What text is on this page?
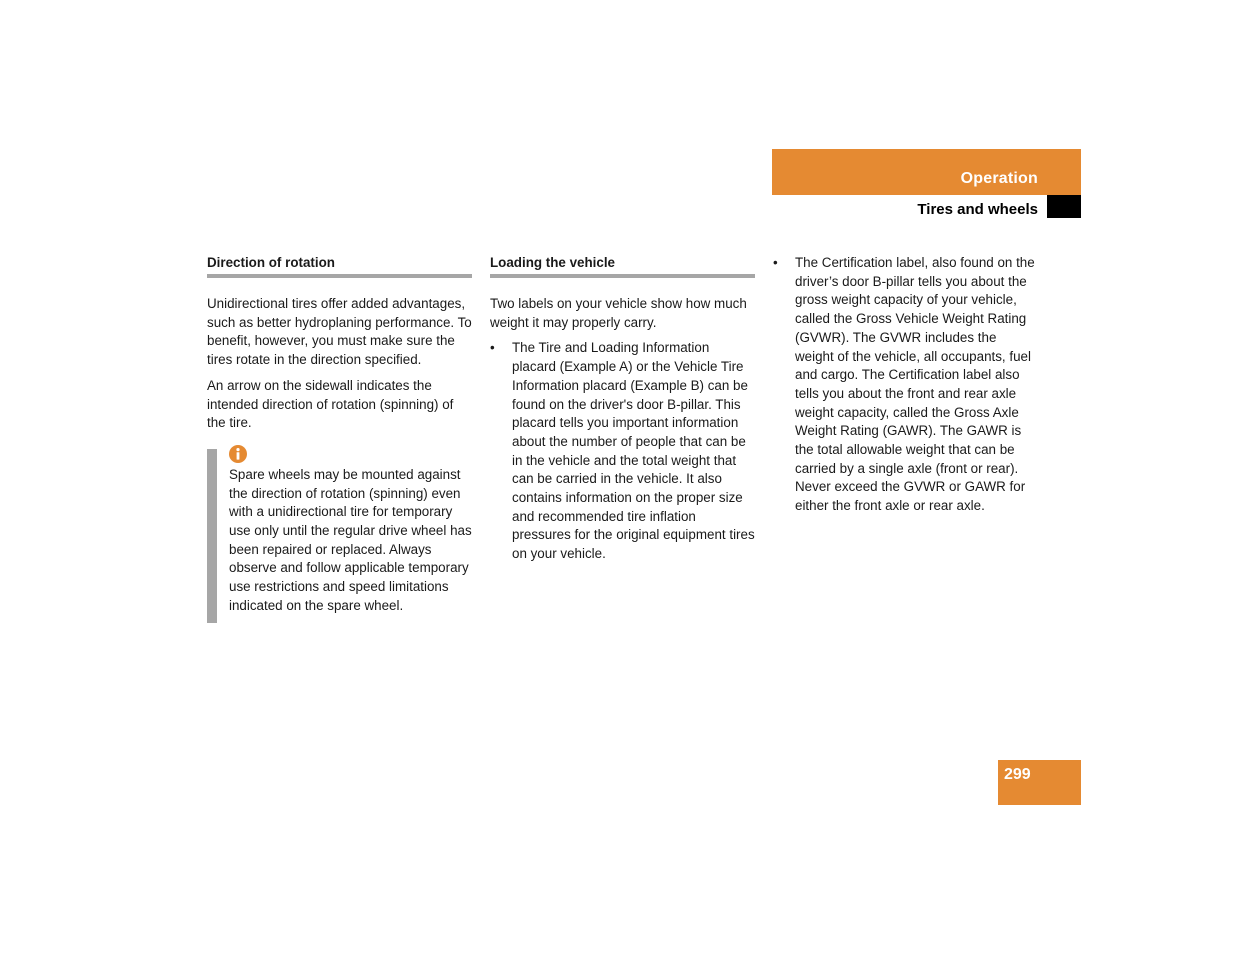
Operation
Tires and wheels
Direction of rotation

Unidirectional tires offer added advantages, such as better hydroplaning performance. To benefit, however, you must make sure the tires rotate in the direction specified.

An arrow on the sidewall indicates the intended direction of rotation (spinning) of the tire.

Spare wheels may be mounted against the direction of rotation (spinning) even with a unidirectional tire for temporary use only until the regular drive wheel has been repaired or replaced. Always observe and follow applicable temporary use restrictions and speed limitations indicated on the spare wheel.
Loading the vehicle

Two labels on your vehicle show how much weight it may properly carry.

•	The Tire and Loading Information placard (Example A) or the Vehicle Tire Information placard (Example B) can be found on the driver's door B-pillar. This placard tells you important information about the number of people that can be in the vehicle and the total weight that can be carried in the vehicle. It also contains information on the proper size and recommended tire inflation pressures for the original equipment tires on your vehicle.
•	The Certification label, also found on the driver’s door B-pillar tells you about the gross weight capacity of your vehicle, called the Gross Vehicle Weight Rating (GVWR). The GVWR includes the weight of the vehicle, all occupants, fuel and cargo. The Certification label also tells you about the front and rear axle weight capacity, called the Gross Axle Weight Rating (GAWR). The GAWR is the total allowable weight that can be carried by a single axle (front or rear). Never exceed the GVWR or GAWR for either the front axle or rear axle.
299
